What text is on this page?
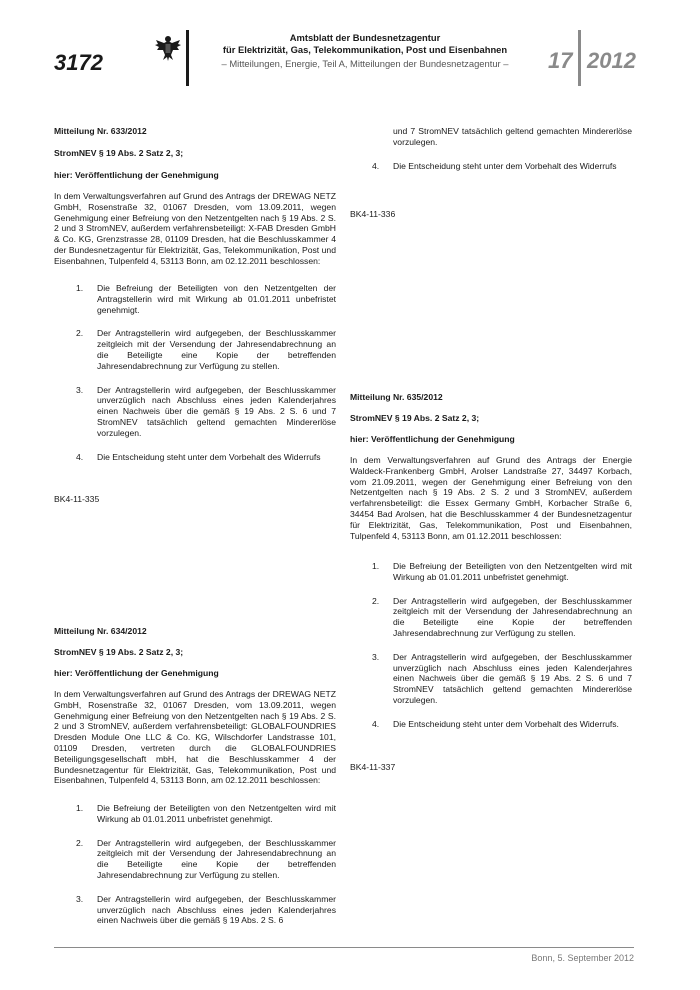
3172
Amtsblatt der Bundesnetzagentur
für Elektrizität, Gas, Telekommunikation, Post und Eisenbahnen
– Mitteilungen, Energie, Teil A, Mitteilungen der Bundesnetzagentur –	17 2012
Mitteilung Nr. 633/2012
StromNEV § 19 Abs. 2 Satz 2, 3;
hier: Veröffentlichung der Genehmigung
In dem Verwaltungsverfahren auf Grund des Antrags der DREWAG NETZ GmbH, Rosenstraße 32, 01067 Dresden, vom 13.09.2011, wegen Genehmigung einer Befreiung von den Netzentgelten nach § 19 Abs. 2 S. 2 und 3 StromNEV, außerdem verfahrensbeteiligt: X-FAB Dresden GmbH & Co. KG, Grenzstrasse 28, 01109 Dresden, hat die Beschlusskammer 4 der Bundesnetzagentur für Elektrizität, Gas, Telekommunikation, Post und Eisenbahnen, Tulpenfeld 4, 53113 Bonn, am 02.12.2011 beschlossen:
1. Die Befreiung der Beteiligten von den Netzentgelten der Antragstellerin wird mit Wirkung ab 01.01.2011 unbefristet genehmigt.
2. Der Antragstellerin wird aufgegeben, der Beschlusskammer zeitgleich mit der Versendung der Jahresendabrechnung an die Beteiligte eine Kopie der betreffenden Jahresendabrechnung zur Verfügung zu stellen.
3. Der Antragstellerin wird aufgegeben, der Beschlusskammer unverzüglich nach Abschluss eines jeden Kalenderjahres einen Nachweis über die gemäß § 19 Abs. 2 S. 6 und 7 StromNEV tatsächlich geltend gemachten Mindererlöse vorzulegen.
4. Die Entscheidung steht unter dem Vorbehalt des Widerrufs
BK4-11-335
Mitteilung Nr. 634/2012
StromNEV § 19 Abs. 2 Satz 2, 3;
hier: Veröffentlichung der Genehmigung
In dem Verwaltungsverfahren auf Grund des Antrags der DREWAG NETZ GmbH, Rosenstraße 32, 01067 Dresden, vom 13.09.2011, wegen Genehmigung einer Befreiung von den Netzentgelten nach § 19 Abs. 2 S. 2 und 3 StromNEV, außerdem verfahrensbeteiligt: GLOBALFOUNDRIES Dresden Module One LLC & Co. KG, Wilschdorfer Landstrasse 101, 01109 Dresden, vertreten durch die GLOBALFOUNDRIES Beteiligungsgesellschaft mbH, hat die Beschlusskammer 4 der Bundesnetzagentur für Elektrizität, Gas, Telekommunikation, Post und Eisenbahnen, Tulpenfeld 4, 53113 Bonn, am 02.12.2011 beschlossen:
1. Die Befreiung der Beteiligten von den Netzentgelten wird mit Wirkung ab 01.01.2011 unbefristet genehmigt.
2. Der Antragstellerin wird aufgegeben, der Beschlusskammer zeitgleich mit der Versendung der Jahresendabrechnung an die Beteiligte eine Kopie der betreffenden Jahresendabrechnung zur Verfügung zu stellen.
3. Der Antragstellerin wird aufgegeben, der Beschlusskammer unverzüglich nach Abschluss eines jeden Kalenderjahres einen Nachweis über die gemäß § 19 Abs. 2 S. 6
und 7 StromNEV tatsächlich geltend gemachten Mindererlöse vorzulegen.
4. Die Entscheidung steht unter dem Vorbehalt des Widerrufs
BK4-11-336
Mitteilung Nr. 635/2012
StromNEV § 19 Abs. 2 Satz 2, 3;
hier: Veröffentlichung der Genehmigung
In dem Verwaltungsverfahren auf Grund des Antrags der Energie Waldeck-Frankenberg GmbH, Arolser Landstraße 27, 34497 Korbach, vom 21.09.2011, wegen der Genehmigung einer Befreiung von den Netzentgelten nach § 19 Abs. 2 S. 2 und 3 StromNEV, außerdem verfahrensbeteiligt: die Essex Germany GmbH, Korbacher Straße 6, 34454 Bad Arolsen, hat die Beschlusskammer 4 der Bundesnetzagentur für Elektrizität, Gas, Telekommunikation, Post und Eisenbahnen, Tulpenfeld 4, 53113 Bonn, am 01.12.2011 beschlossen:
1. Die Befreiung der Beteiligten von den Netzentgelten wird mit Wirkung ab 01.01.2011 unbefristet genehmigt.
2. Der Antragstellerin wird aufgegeben, der Beschlusskammer zeitgleich mit der Versendung der Jahresendabrechnung an die Beteiligte eine Kopie der betreffenden Jahresendabrechnung zur Verfügung zu stellen.
3. Der Antragstellerin wird aufgegeben, der Beschlusskammer unverzüglich nach Abschluss eines jeden Kalenderjahres einen Nachweis über die gemäß § 19 Abs. 2 S. 6 und 7 StromNEV tatsächlich geltend gemachten Mindererlöse vorzulegen.
4. Die Entscheidung steht unter dem Vorbehalt des Widerrufs.
BK4-11-337
Bonn, 5. September 2012
